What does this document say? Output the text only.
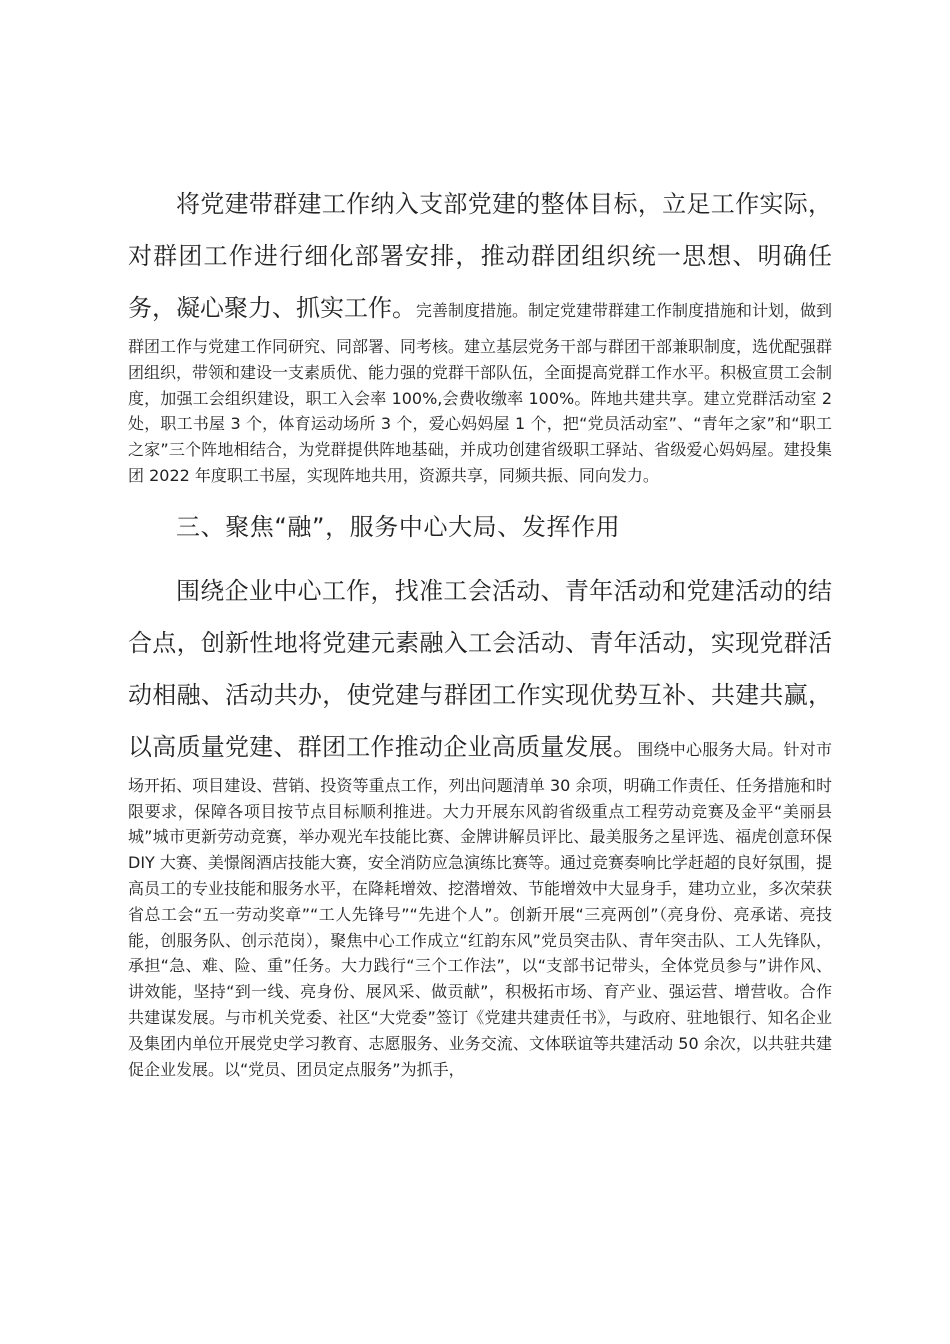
将党建带群建工作纳入支部党建的整体目标，立足工作实际，对群团工作进行细化部署安排，推动群团组织统一思想、明确任务，凝心聚力、抓实工作。完善制度措施。制定党建带群建工作制度措施和计划，做到群团工作与党建工作同研究、同部署、同考核。建立基层党务干部与群团干部兼职制度，选优配强群团组织，带领和建设一支素质优、能力强的党群干部队伍，全面提高党群工作水平。积极宣贯工会制度，加强工会组织建设，职工入会率 100%,会费收缴率 100%。阵地共建共享。建立党群活动室 2 处，职工书屋 3 个，体育运动场所 3 个，爱心妈妈屋 1 个，把“党员活动室”、“青年之家”和“职工之家”三个阵地相结合，为党群提供阵地基础，并成功创建省级职工驿站、省级爱心妈妈屋。建投集团 2022 年度职工书屋，实现阵地共用，资源共享，同频共振、同向发力。

三、聚焦“融”，服务中心大局、发挥作用

围绕企业中心工作，找准工会活动、青年活动和党建活动的结合点，创新性地将党建元素融入工会活动、青年活动，实现党群活动相融、活动共办，使党建与群团工作实现优势互补、共建共赢，以高质量党建、群团工作推动企业高质量发展。围绕中心服务大局。针对市场开拓、项目建设、营销、投资等重点工作，列出问题清单 30 余项，明确工作责任、任务措施和时限要求，保障各项目按节点目标顺利推进。大力开展东风韵省级重点工程劳动竞赛及金平“美丽县城”城市更新劳动竞赛，举办观光车技能比赛、金牌讲解员评比、最美服务之星评选、福虎创意环保 DIY 大赛、美憬阁酒店技能大赛，安全消防应急演练比赛等。通过竞赛奏响比学赶超的良好氛围，提高员工的专业技能和服务水平，在降耗增效、挖潜增效、节能增效中大显身手，建功立业，多次荣获省总工会“五一劳动奖章”“工人先锋号”“先进个人”。创新开展“三亮两创”（亮身份、亮承诺、亮技能，创服务队、创示范岗），聚焦中心工作成立“红韵东风”党员突击队、青年突击队、工人先锋队，承担“急、难、险、重”任务。大力践行“三个工作法”，以“支部书记带头，全体党员参与”讲作风、讲效能，坚持“到一线、亮身份、展风采、做贡献”，积极拓市场、育产业、强运营、增营收。合作共建谋发展。与市机关党委、社区“大党委”签订《党建共建责任书》，与政府、驻地银行、知名企业及集团内单位开展党史学习教育、志愿服务、业务交流、文体联谊等共建活动 50 余次，以共驻共建促企业发展。以“党员、团员定点服务”为抓手，
